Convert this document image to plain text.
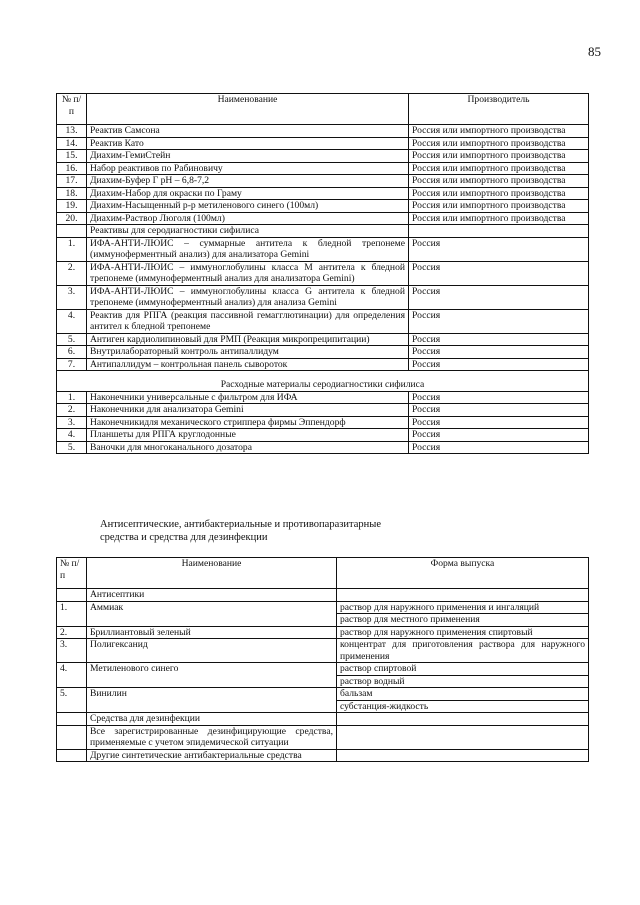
85
№ п/п	Наименование	Производитель
13.	Реактив Самсона	Россия или импортного производства
14.	Реактив Като	Россия или импортного производства
15.	Диахим-ГемиСтейн	Россия или импортного производства
16.	Набор реактивов по Рабиновичу	Россия или импортного производства
17.	Диахим-Буфер Г pH – 6,8-7,2	Россия или импортного производства
18.	Диахим-Набор для окраски по Граму	Россия или импортного производства
19.	Диахим-Насыщенный р-р метиленового синего (100мл)	Россия или импортного производства
20.	Диахим-Раствор Люголя (100мл)	Россия или импортного производства
	Реактивы для серодиагностики сифилиса	
1.	ИФА-АНТИ-ЛЮИС – суммарные антитела к бледной трепонеме (иммуноферментный анализ) для анализатора Gemini	Россия
2.	ИФА-АНТИ-ЛЮИС – иммуноглобулины класса М антитела к бледной трепонеме (иммуноферментный анализ для анализатора Gemini)	Россия
3.	ИФА-АНТИ-ЛЮИС – иммуноглобулины класса G антитела к бледной трепонеме (иммуноферментный анализ) для анализа Gemini	Россия
4.	Реактив для РПГА (реакция пассивной гемагглютинации) для определения антител к бледной трепонеме	Россия
5.	Антиген кардиолипиновый для РМП (Реакция микропреципитации)	Россия
6.	Внутрилабораторный контроль антипаллидум	Россия
7.	Антипаллидум – контрольная панель сывороток	Россия
Расходные материалы серодиагностики сифилиса		
1.	Наконечники универсальные с фильтром для ИФА	Россия
2.	Наконечники для анализатора Gemini	Россия
3.	Наконечникидля механического стриппера фирмы Эппендорф	Россия
4.	Планшеты для РПГА круглодонные	Россия
5.	Ваночки для многоканального дозатора	Россия
Антисептические, антибактериальные и противопаразитарные
средства и средства для дезинфекции
№ п/п	Наименование	Форма выпуска
	Антисептики	
1.	Аммиак	раствор для наружного применения и ингаляций
		раствор для местного применения
2.	Бриллиантовый зеленый	раствор для наружного применения спиртовый
3.	Полигексанид	концентрат для приготовления раствора для наружного применения
4.	Метиленового синего	раствор спиртовой
		раствор водный
5.	Винилин	бальзам
		субстанция-жидкость
	Средства для дезинфекции	
	Все зарегистрированные дезинфицирующие средства, применяемые с учетом эпидемической ситуации	
	Другие синтетические антибактериальные средства	
